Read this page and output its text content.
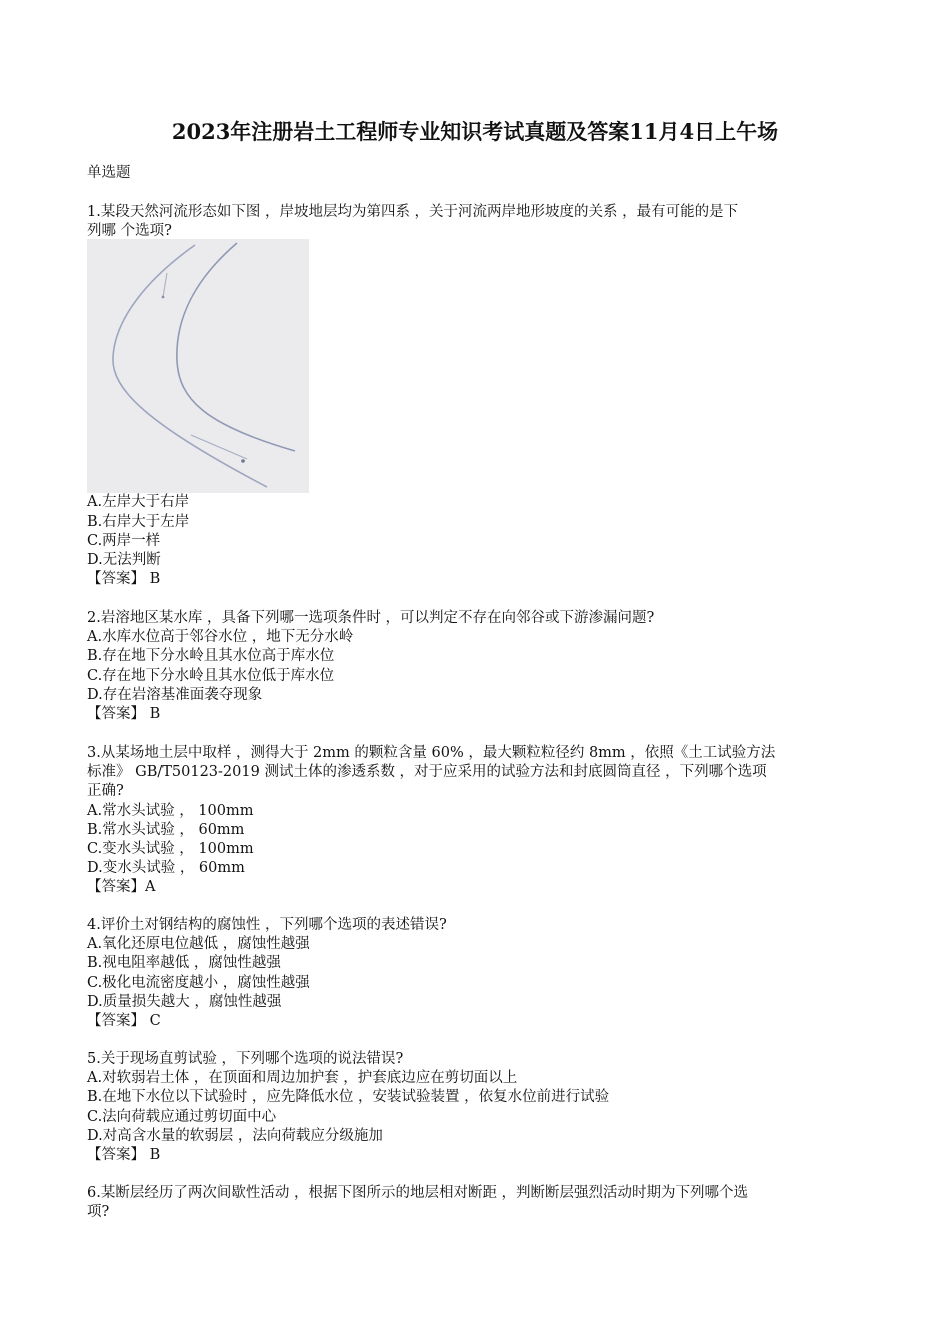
2023年注册岩土工程师专业知识考试真题及答案11月4日上午场
单选题
1.某段天然河流形态如下图 ，岸坡地层均为第四系 ，关于河流两岸地形坡度的关系 ，最有可能的是下
列哪 个选项?
A.左岸大于右岸
B.右岸大于左岸
C.两岸一样
D.无法判断
【答案】 B
2.岩溶地区某水库 ，具备下列哪一选项条件时 ，可以判定不存在向邻谷或下游渗漏问题?
A.水库水位高于邻谷水位 ，地下无分水岭
B.存在地下分水岭且其水位高于库水位
C.存在地下分水岭且其水位低于库水位
D.存在岩溶基准面袭夺现象
【答案】 B
3.从某场地土层中取样 ，测得大于 2mm 的颗粒含量 60% ，最大颗粒粒径约 8mm ，依照《土工试验方法
标准》 GB/T50123-2019 测试土体的渗透系数 ，对于应采用的试验方法和封底圆筒直径 ，下列哪个选项
正确?
A.常水头试验 ， 100mm
B.常水头试验 ， 60mm
C.变水头试验 ， 100mm
D.变水头试验 ， 60mm
【答案】A
4.评价土对钢结构的腐蚀性 ，下列哪个选项的表述错误?
A.氧化还原电位越低 ，腐蚀性越强
B.视电阻率越低 ，腐蚀性越强
C.极化电流密度越小 ，腐蚀性越强
D.质量损失越大 ，腐蚀性越强
【答案】 C
5.关于现场直剪试验 ，下列哪个选项的说法错误?
A.对软弱岩土体 ，在顶面和周边加护套 ，护套底边应在剪切面以上
B.在地下水位以下试验时 ，应先降低水位 ，安装试验装置 ，依复水位前进行试验
C.法向荷载应通过剪切面中心
D.对高含水量的软弱层 ，法向荷载应分级施加
【答案】 B
6.某断层经历了两次间歇性活动 ，根据下图所示的地层相对断距 ，判断断层强烈活动时期为下列哪个选
项?
